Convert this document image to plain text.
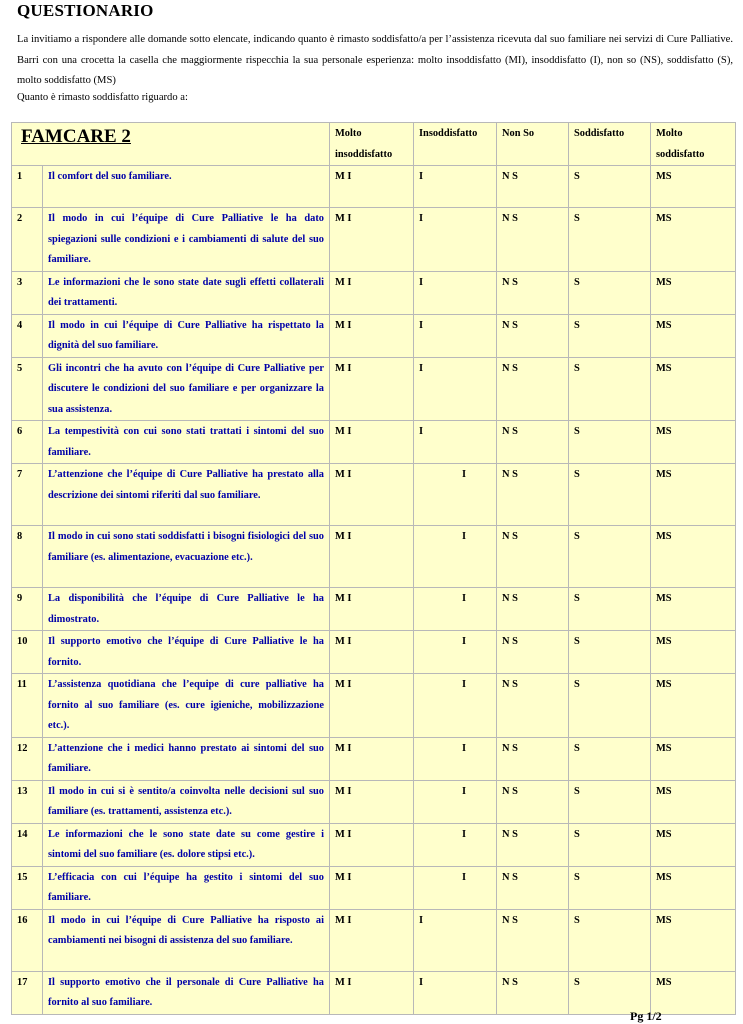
QUESTIONARIO

La invitiamo a rispondere alle domande sotto elencate, indicando quanto è rimasto soddisfatto/a per l’assistenza ricevuta dal suo familiare nei servizi di Cure Palliative. Barri con una crocetta la casella che maggiormente rispecchia la sua personale esperienza: molto insoddisfatto (MI), insoddisfatto (I), non so (NS), soddisfatto (S), molto soddisfatto (MS)

Quanto è rimasto soddisfatto riguardo a:
FAMCARE 2		Molto insoddisfatto	Insoddisfatto	Non So	Soddisfatto	Molto soddisfatto
1	Il comfort del suo familiare.	M I	I	N S	S	MS
2	Il modo in cui l’équipe di Cure Palliative le ha dato spiegazioni sulle condizioni e i cambiamenti di salute del suo familiare.	M I	I	N S	S	MS
3	Le informazioni che le sono state date sugli effetti collaterali dei trattamenti.	M I	I	N S	S	MS
4	Il modo in cui l’équipe di Cure Palliative ha rispettato la dignità del suo familiare.	M I	I	N S	S	MS
5	Gli incontri che ha avuto con l’équipe di Cure Palliative per discutere le condizioni del suo familiare e per organizzare la sua assistenza.	M I	I	N S	S	MS
6	La tempestività con cui sono stati trattati i sintomi del suo familiare.	M I	I	N S	S	MS
7	L’attenzione che l’équipe di Cure Palliative ha prestato alla descrizione dei sintomi riferiti dal suo familiare.	M I	I	N S	S	MS
8	Il modo in cui sono stati soddisfatti i bisogni fisiologici del suo familiare (es. alimentazione, evacuazione etc.).	M I	I	N S	S	MS
9	La disponibilità che l’équipe di Cure Palliative le ha dimostrato.	M I	I	N S	S	MS
10	Il supporto emotivo che l’équipe di Cure Palliative le ha fornito.	M I	I	N S	S	MS
11	L’assistenza quotidiana che l’equipe di cure palliative ha fornito al suo familiare (es. cure igieniche, mobilizzazione etc.).	M I	I	N S	S	MS
12	L’attenzione che i medici hanno prestato ai sintomi del suo familiare.	M I	I	N S	S	MS
13	Il modo in cui si è sentito/a coinvolta nelle decisioni sul suo familiare (es. trattamenti, assistenza etc.).	M I	I	N S	S	MS
14	Le informazioni che le sono state date su come gestire i sintomi del suo familiare (es. dolore stipsi etc.).	M I	I	N S	S	MS
15	L’efficacia con cui l’équipe ha gestito i sintomi del suo familiare.	M I	I	N S	S	MS
16	Il modo in cui l’équipe di Cure Palliative ha risposto ai cambiamenti nei bisogni di assistenza del suo familiare.	M I	I	N S	S	MS
17	Il supporto emotivo che il personale di Cure Palliative ha fornito al suo familiare.	M I	I	N S	S	MS
Pg 1/2
